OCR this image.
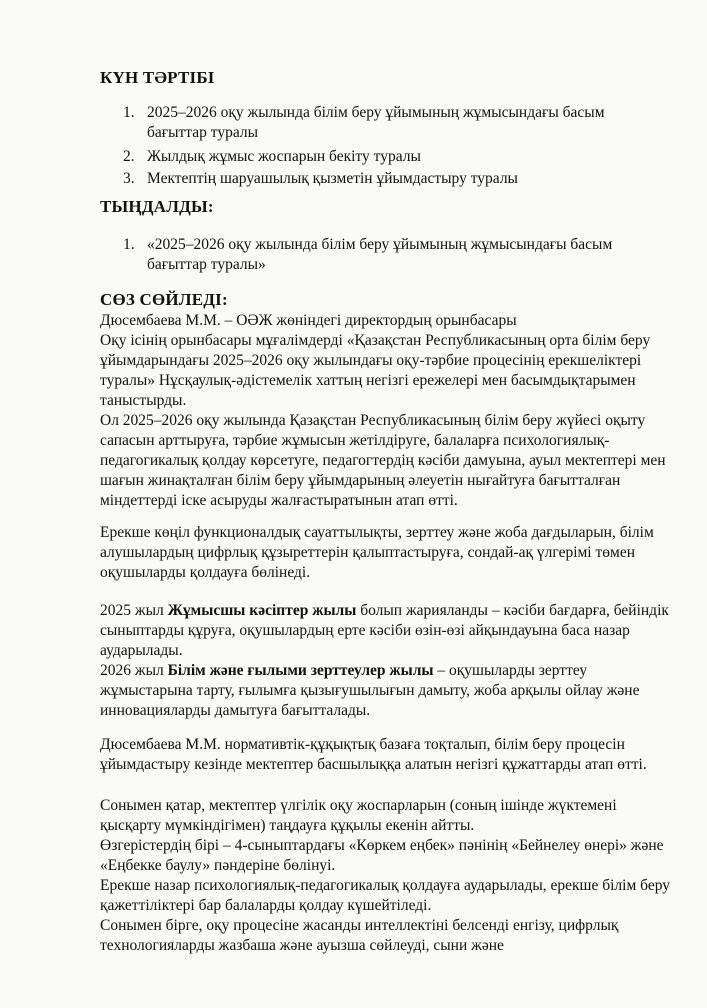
КҮН ТӘРТІБІ
1. 2025–2026 оқу жылында білім беру ұйымының жұмысындағы басым
бағыттар туралы
2. Жылдық жұмыс жоспарын бекіту туралы
3. Мектептің шаруашылық қызметін ұйымдастыру туралы
ТЫҢДАЛДЫ:
1. «2025–2026 оқу жылында білім беру ұйымының жұмысындағы басым
бағыттар туралы»
СӨЗ СӨЙЛЕДІ:

Дюсембаева М.М. – ОӘЖ жөніндегі директордың орынбасары

Оқу ісінің орынбасары мұғалімдерді «Қазақстан Республикасының орта білім беру ұйымдарындағы 2025–2026 оқу жылындағы оқу-тәрбие процесінің ерекшеліктері туралы» Нұсқаулық-әдістемелік хаттың негізгі ережелері мен басымдықтарымен таныстырды.

Ол 2025–2026 оқу жылында Қазақстан Республикасының білім беру жүйесі оқыту сапасын арттыруға, тәрбие жұмысын жетілдіруге, балаларға психологиялық-педагогикалық қолдау көрсетуге, педагогтердің кәсіби дамуына, ауыл мектептері мен шағын жинақталған білім беру ұйымдарының әлеуетін нығайтуға бағытталған міндеттерді іске асыруды жалғастыратынын атап өтті.

Ерекше көңіл функционалдық сауаттылықты, зерттеу және жоба дағдыларын, білім алушылардың цифрлық құзыреттерін қалыптастыруға, сондай-ақ үлгерімі төмен оқушыларды қолдауға бөлінеді.

2025 жыл Жұмысшы кәсіптер жылы болып жарияланды – кәсіби бағдарға, бейіндік сыныптарды құруға, оқушылардың ерте кәсіби өзін-өзі айқындауына баса назар аударылады.

2026 жыл Білім және ғылыми зерттеулер жылы – оқушыларды зерттеу жұмыстарына тарту, ғылымға қызығушылығын дамыту, жоба арқылы ойлау және инновацияларды дамытуға бағытталады.

Дюсембаева М.М. нормативтік-құқықтық базаға тоқталып, білім беру процесін ұйымдастыру кезінде мектептер басшылыққа алатын негізгі құжаттарды атап өтті.

Сонымен қатар, мектептер үлгілік оқу жоспарларын (соның ішінде жүктемені қысқарту мүмкіндігімен) таңдауға құқылы екенін айтты.

Өзгерістердің бірі – 4-сыныптардағы «Көркем еңбек» пәнінің «Бейнелеу өнері» және «Еңбекке баулу» пәндеріне бөлінуі.

Ерекше назар психологиялық-педагогикалық қолдауға аударылады, ерекше білім беру қажеттіліктері бар балаларды қолдау күшейтіледі.

Сонымен бірге, оқу процесіне жасанды интеллектіні белсенді енгізу, цифрлық технологияларды жазбаша және ауызша сөйлеуді, сыни және
